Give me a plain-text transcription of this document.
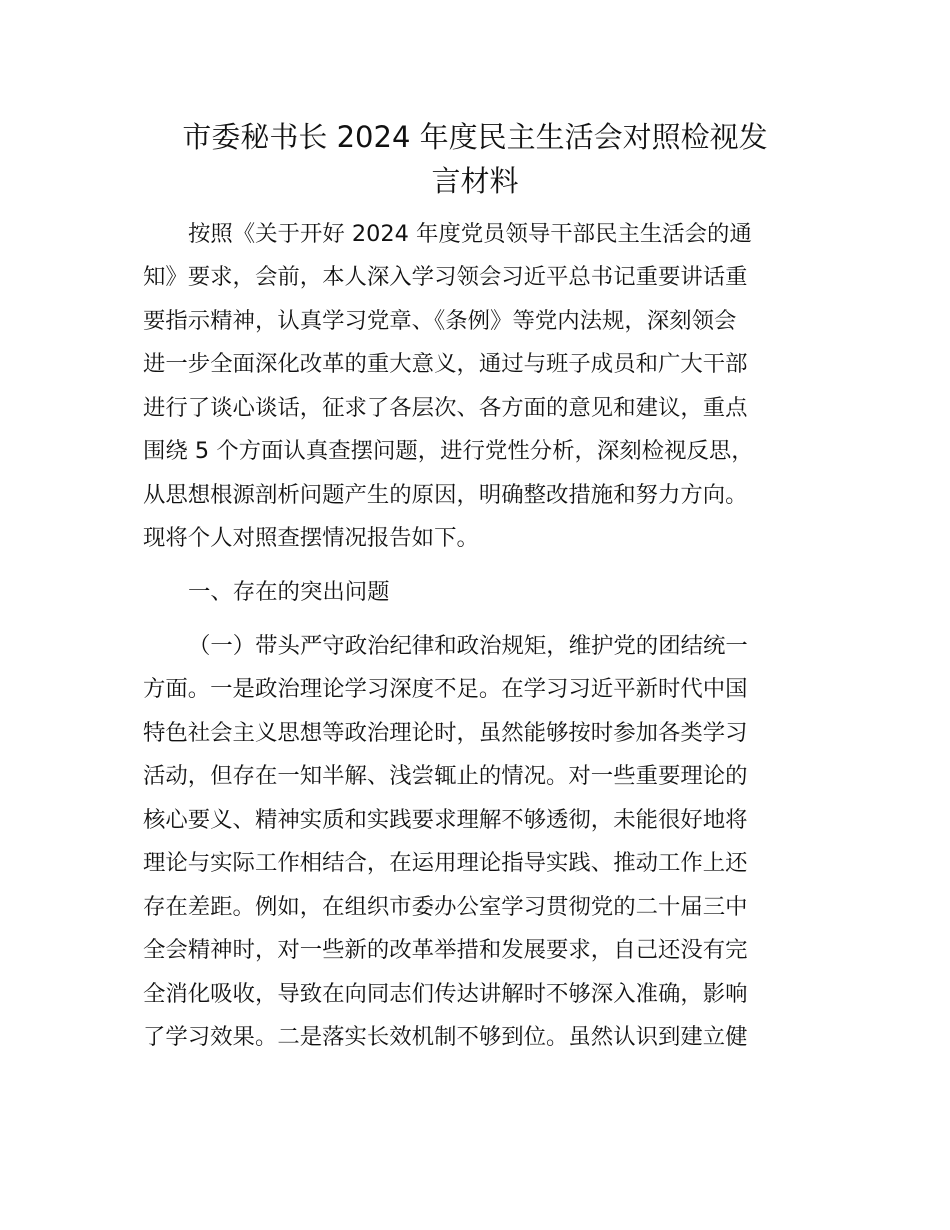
市委秘书长 2024 年度民主生活会对照检视发
言材料
按照《关于开好 2024 年度党员领导干部民主生活会的通
知》要求，会前，本人深入学习领会习近平总书记重要讲话重
要指示精神，认真学习党章、《条例》等党内法规，深刻领会
进一步全面深化改革的重大意义，通过与班子成员和广大干部
进行了谈心谈话，征求了各层次、各方面的意见和建议，重点
围绕 5 个方面认真查摆问题，进行党性分析，深刻检视反思，
从思想根源剖析问题产生的原因，明确整改措施和努力方向。
现将个人对照查摆情况报告如下。
一、存在的突出问题
（一）带头严守政治纪律和政治规矩，维护党的团结统一
方面。一是政治理论学习深度不足。在学习习近平新时代中国
特色社会主义思想等政治理论时，虽然能够按时参加各类学习
活动，但存在一知半解、浅尝辄止的情况。对一些重要理论的
核心要义、精神实质和实践要求理解不够透彻，未能很好地将
理论与实际工作相结合，在运用理论指导实践、推动工作上还
存在差距。例如，在组织市委办公室学习贯彻党的二十届三中
全会精神时，对一些新的改革举措和发展要求，自己还没有完
全消化吸收，导致在向同志们传达讲解时不够深入准确，影响
了学习效果。二是落实长效机制不够到位。虽然认识到建立健
